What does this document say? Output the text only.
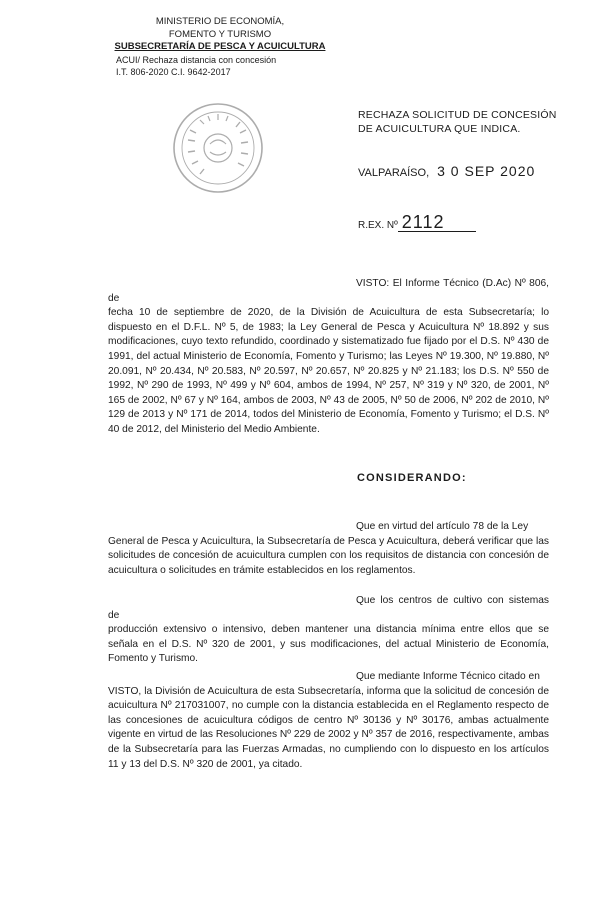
MINISTERIO DE ECONOMÍA,
FOMENTO Y TURISMO
SUBSECRETARÍA DE PESCA Y ACUICULTURA
ACUI/ Rechaza distancia con concesión
I.T. 806-2020 C.I. 9642-2017
RECHAZA SOLICITUD DE CONCESIÓN DE ACUICULTURA QUE INDICA.
VALPARAÍSO, 3 0 SEP 2020
R.EX. Nº 2112
VISTO: El Informe Técnico (D.Ac) Nº 806, de
fecha 10 de septiembre de 2020, de la División de Acuicultura de esta Subsecretaría; lo dispuesto en el D.F.L. Nº 5, de 1983; la Ley General de Pesca y Acuicultura Nº 18.892 y sus modificaciones, cuyo texto refundido, coordinado y sistematizado fue fijado por el D.S. Nº 430 de 1991, del actual Ministerio de Economía, Fomento y Turismo; las Leyes Nº 19.300, Nº 19.880, Nº 20.091, Nº 20.434, Nº 20.583, Nº 20.597, Nº 20.657, Nº 20.825 y Nº 21.183; los D.S. Nº 550 de 1992, Nº 290 de 1993, Nº 499 y Nº 604, ambos de 1994, Nº 257, Nº 319 y Nº 320, de 2001, Nº 165 de 2002, Nº 67 y Nº 164, ambos de 2003, Nº 43 de 2005, Nº 50 de 2006, Nº 202 de 2010, Nº 129 de 2013 y Nº 171 de 2014, todos del Ministerio de Economía, Fomento y Turismo; el D.S. Nº 40 de 2012, del Ministerio del Medio Ambiente.
CONSIDERANDO:
Que en virtud del artículo 78 de la Ley
General de Pesca y Acuicultura, la Subsecretaría de Pesca y Acuicultura, deberá verificar que las solicitudes de concesión de acuicultura cumplen con los requisitos de distancia con concesión de acuicultura o solicitudes en trámite establecidos en los reglamentos.
Que los centros de cultivo con sistemas de
producción extensivo o intensivo, deben mantener una distancia mínima entre ellos que se señala en el D.S. Nº 320 de 2001, y sus modificaciones, del actual Ministerio de Economía, Fomento y Turismo.
Que mediante Informe Técnico citado en
VISTO, la División de Acuicultura de esta Subsecretaría, informa que la solicitud de concesión de acuicultura Nº 217031007, no cumple con la distancia establecida en el Reglamento respecto de las concesiones de acuicultura códigos de centro Nº 30136 y Nº 30176, ambas actualmente vigente en virtud de las Resoluciones Nº 229 de 2002 y Nº 357 de 2016, respectivamente, ambas de la Subsecretaría para las Fuerzas Armadas, no cumpliendo con lo dispuesto en los artículos 11 y 13 del D.S. Nº 320 de 2001, ya citado.
